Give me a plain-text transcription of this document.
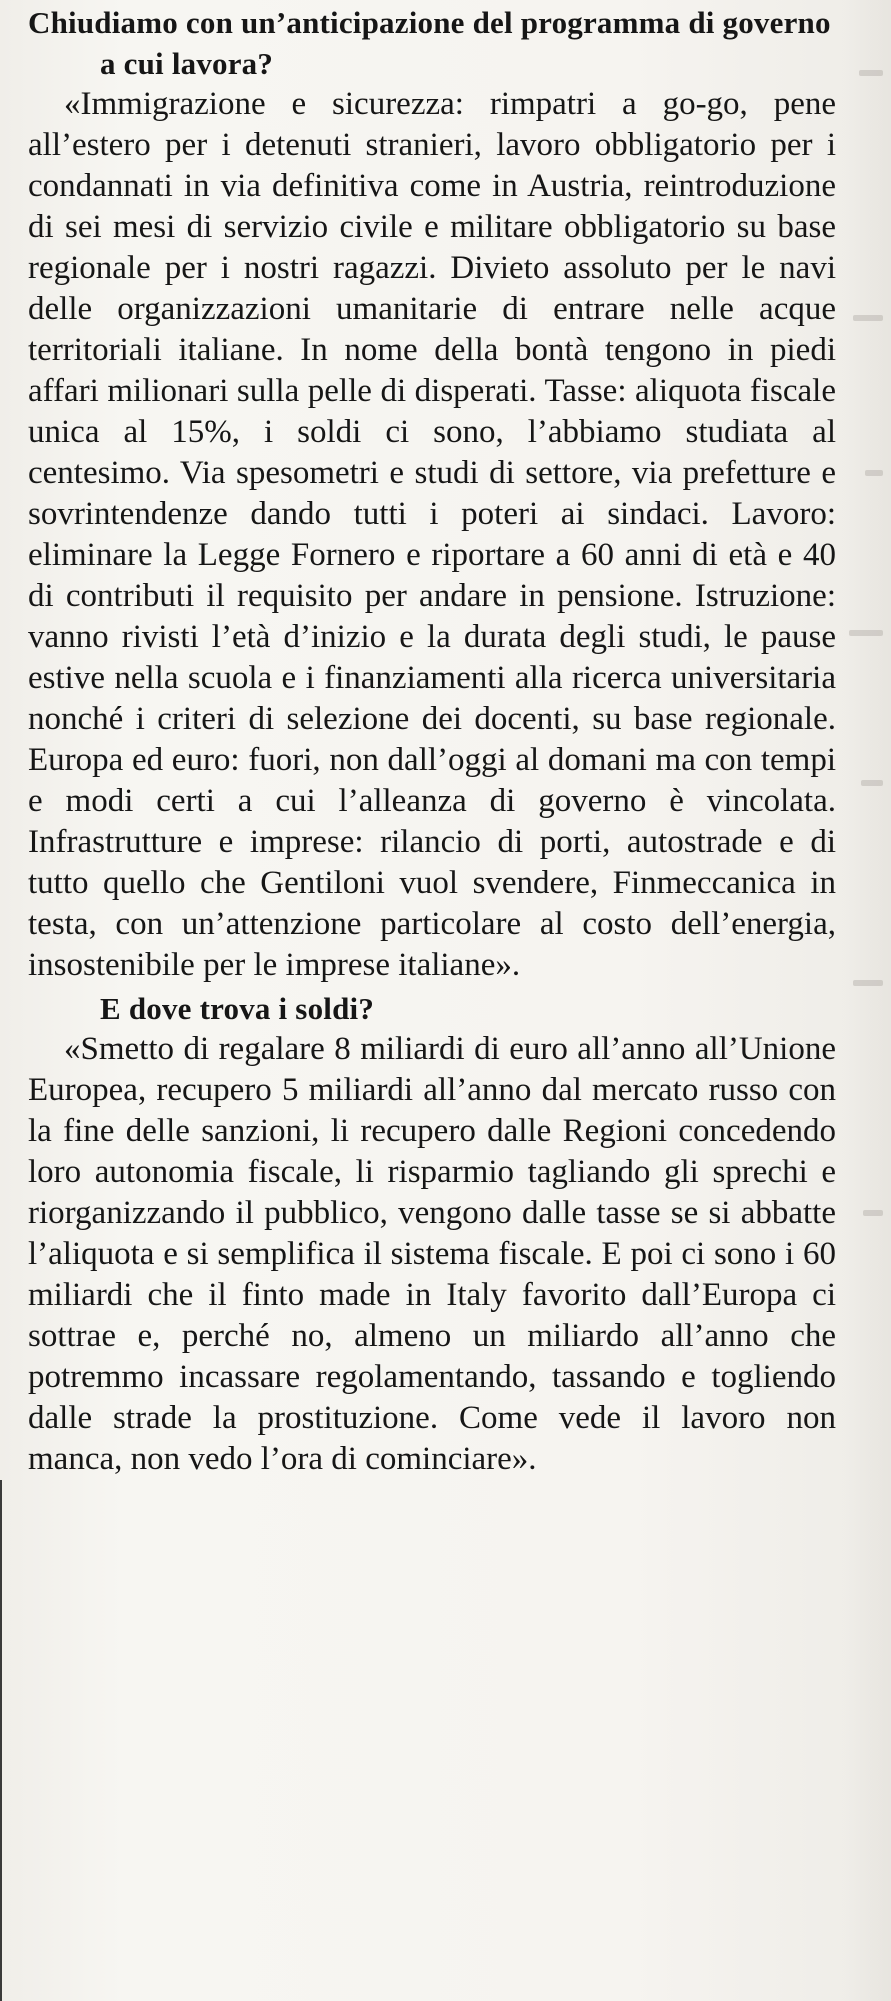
Chiudiamo con un’anticipazione del programma di governo a cui lavora?

«Immigrazione e sicurezza: rimpatri a go-go, pene all’estero per i detenuti stranieri, lavoro obbligatorio per i condannati in via definitiva come in Austria, reintroduzione di sei mesi di servizio civile e militare obbligatorio su base regionale per i nostri ragazzi. Divieto assoluto per le navi delle organizzazioni umanitarie di entrare nelle acque territoriali italiane. In nome della bontà tengono in piedi affari milionari sulla pelle di disperati. Tasse: aliquota fiscale unica al 15%, i soldi ci sono, l’abbiamo studiata al centesimo. Via spesometri e studi di settore, via prefetture e sovrintendenze dando tutti i poteri ai sindaci. Lavoro: eliminare la Legge Fornero e riportare a 60 anni di età e 40 di contributi il requisito per andare in pensione. Istruzione: vanno rivisti l’età d’inizio e la durata degli studi, le pause estive nella scuola e i finanziamenti alla ricerca universitaria nonché i criteri di selezione dei docenti, su base regionale. Europa ed euro: fuori, non dall’oggi al domani ma con tempi e modi certi a cui l’alleanza di governo è vincolata. Infrastrutture e imprese: rilancio di porti, autostrade e di tutto quello che Gentiloni vuol svendere, Finmeccanica in testa, con un’attenzione particolare al costo dell’energia, insostenibile per le imprese italiane».

E dove trova i soldi?

«Smetto di regalare 8 miliardi di euro all’anno all’Unione Europea, recupero 5 miliardi all’anno dal mercato russo con la fine delle sanzioni, li recupero dalle Regioni concedendo loro autonomia fiscale, li risparmio tagliando gli sprechi e riorganizzando il pubblico, vengono dalle tasse se si abbatte l’aliquota e si semplifica il sistema fiscale. E poi ci sono i 60 miliardi che il finto made in Italy favorito dall’Europa ci sottrae e, perché no, almeno un miliardo all’anno che potremmo incassare regolamentando, tassando e togliendo dalle strade la prostituzione. Come vede il lavoro non manca, non vedo l’ora di cominciare».
